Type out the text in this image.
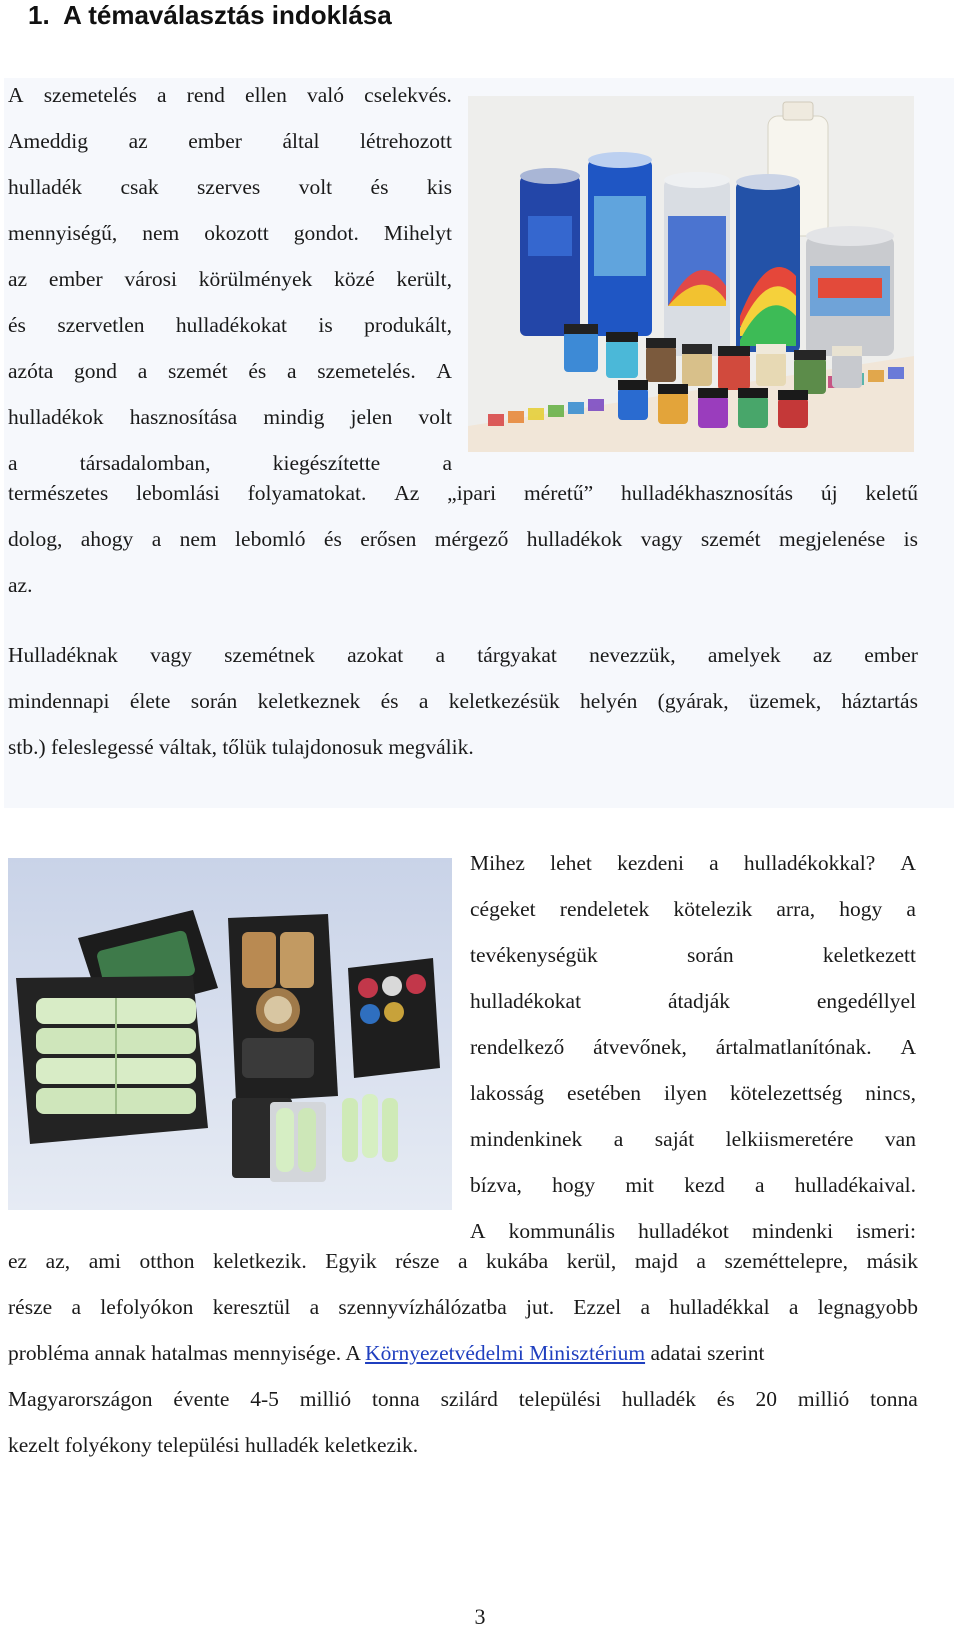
1. A témaválasztás indoklása
A szemetelés a rend ellen való cselekvés.
Ameddig az ember által létrehozott
hulladék csak szerves volt és kis
mennyiségű, nem okozott gondot. Mihelyt
az ember városi körülmények közé került,
és szervetlen hulladékokat is produkált,
azóta gond a szemét és a szemetelés. A
hulladékok hasznosítása mindig jelen volt
a	társadalomban,	kiegészítette	a
természetes lebomlási folyamatokat. Az „ipari méretű” hulladékhasznosítás új keletű
dolog, ahogy a nem lebomló és erősen mérgező hulladékok vagy szemét megjelenése is
az.
Hulladéknak vagy szemétnek azokat a tárgyakat nevezzük, amelyek az ember
mindennapi élete során keletkeznek és a keletkezésük helyén (gyárak, üzemek, háztartás
stb.) feleslegessé váltak, tőlük tulajdonosuk megválik.
Mihez lehet kezdeni a hulladékokkal? A
cégeket rendeletek kötelezik arra, hogy a
tevékenységük	során	keletkezett
hulladékokat	átadják	engedéllyel
rendelkező átvevőnek, ártalmatlanítónak. A
lakosság esetében ilyen kötelezettség nincs,
mindenkinek a saját lelkiismeretére van
bízva, hogy mit kezd a hulladékaival.
A kommunális hulladékot mindenki ismeri:
ez az, ami otthon keletkezik. Egyik része a kukába kerül, majd a szeméttelepre, másik
része a lefolyókon keresztül a szennyvízhálózatba jut. Ezzel a hulladékkal a legnagyobb
probléma annak hatalmas mennyisége. A Környezetvédelmi Minisztérium adatai szerint
Magyarországon évente 4-5 millió tonna szilárd települési hulladék és 20 millió tonna
kezelt folyékony települési hulladék keletkezik.
3
